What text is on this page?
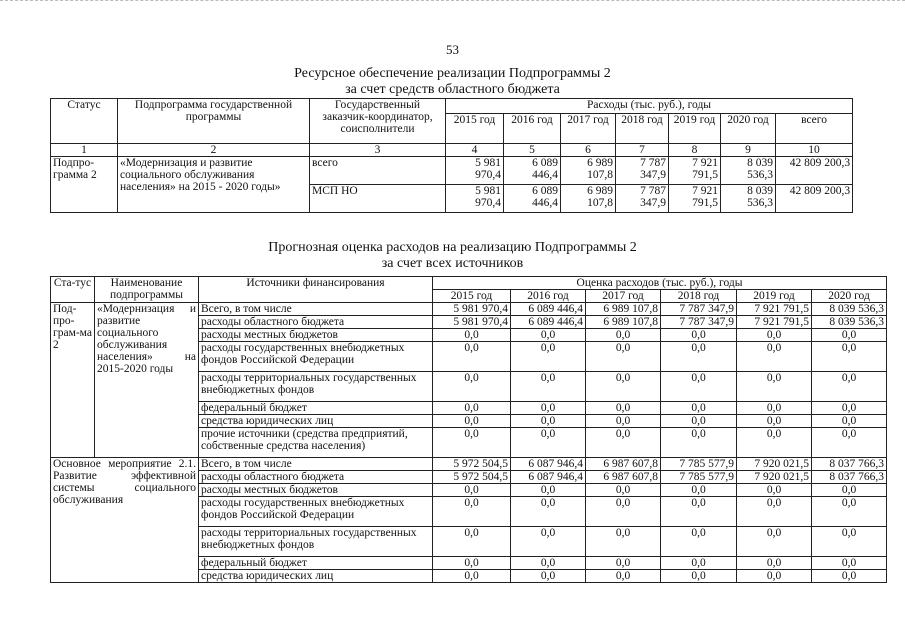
53
Ресурсное обеспечение реализации Подпрограммы 2
за счет средств областного бюджета
Статус	Подпрограмма государственной программы	Государственный заказчик-координатор, соисполнители	Расходы (тыс. руб.), годы						
			2015 год	2016 год	2017 год	2018 год	2019 год	2020 год	всего
1	2	3	4	5	6	7	8	9	10
Подпро-грамма 2	«Модернизация и развитие социального обслуживания населения» на 2015 - 2020 годы»	всего	5 981 970,4	6 089 446,4	6 989 107,8	7 787 347,9	7 921 791,5	8 039 536,3	42 809 200,3
		МСП НО	5 981 970,4	6 089 446,4	6 989 107,8	7 787 347,9	7 921 791,5	8 039 536,3	42 809 200,3
Прогнозная оценка расходов на реализацию Подпрограммы 2
за счет всех источников
Ста-тус	Наименование подпрограммы	Источники финансирования	Оценка расходов (тыс. руб.), годы					
			2015 год	2016 год	2017 год	2018 год	2019 год	2020 год
Под-про-грам-ма 2	«Модернизация и развитие социального обслуживания населения» на 2015-2020 годы	Всего, в том числе	5 981 970,4	6 089 446,4	6 989 107,8	7 787 347,9	7 921 791,5	8 039 536,3
		расходы областного бюджета	5 981 970,4	6 089 446,4	6 989 107,8	7 787 347,9	7 921 791,5	8 039 536,3
		расходы местных бюджетов	0,0	0,0	0,0	0,0	0,0	0,0
		расходы государственных внебюджетных фондов Российской Федерации	0,0	0,0	0,0	0,0	0,0	0,0
		расходы территориальных государственных внебюджетных фондов	0,0	0,0	0,0	0,0	0,0	0,0
		федеральный бюджет	0,0	0,0	0,0	0,0	0,0	0,0
		средства юридических лиц	0,0	0,0	0,0	0,0	0,0	0,0
		прочие источники (средства предприятий, собственные средства населения)	0,0	0,0	0,0	0,0	0,0	0,0
Основное мероприятие 2.1. Развитие эффективной системы социального обслуживания		Всего, в том числе	5 972 504,5	6 087 946,4	6 987 607,8	7 785 577,9	7 920 021,5	8 037 766,3
		расходы областного бюджета	5 972 504,5	6 087 946,4	6 987 607,8	7 785 577,9	7 920 021,5	8 037 766,3
		расходы местных бюджетов	0,0	0,0	0,0	0,0	0,0	0,0
		расходы государственных внебюджетных фондов Российской Федерации	0,0	0,0	0,0	0,0	0,0	0,0
		расходы территориальных государственных внебюджетных фондов	0,0	0,0	0,0	0,0	0,0	0,0
		федеральный бюджет	0,0	0,0	0,0	0,0	0,0	0,0
		средства юридических лиц	0,0	0,0	0,0	0,0	0,0	0,0
